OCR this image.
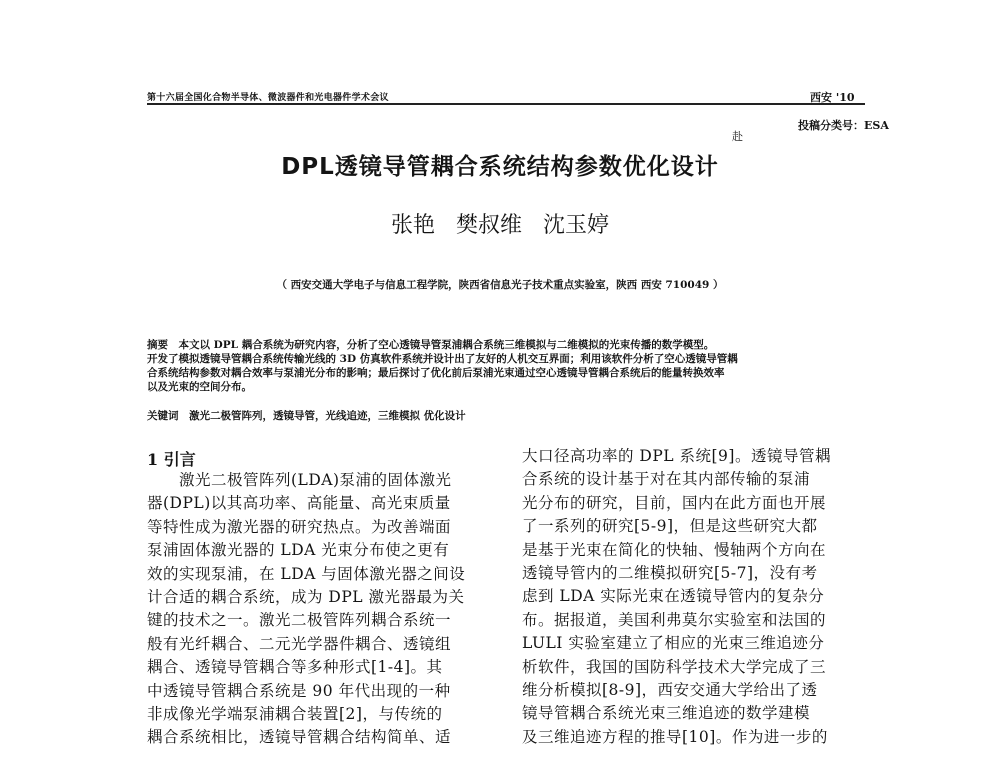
第十六届全国化合物半导体、微波器件和光电器件学术会议	西安 '10
投稿分类号：ESA
赴
DPL透镜导管耦合系统结构参数优化设计
张艳 樊叔维 沈玉婷
（ 西安交通大学电子与信息工程学院，陕西省信息光子技术重点实验室，陕西 西安 710049 ）
摘要　本文以 DPL 耦合系统为研究内容，分析了空心透镜导管泵浦耦合系统三维模拟与二维模拟的光束传播的数学模型。
开发了模拟透镜导管耦合系统传输光线的 3D 仿真软件系统并设计出了友好的人机交互界面；利用该软件分析了空心透镜导管耦
合系统结构参数对耦合效率与泵浦光分布的影响；最后探讨了优化前后泵浦光束通过空心透镜导管耦合系统后的能量转换效率
以及光束的空间分布。
关键词　激光二极管阵列，透镜导管，光线追迹，三维模拟 优化设计
1 引言
　　激光二极管阵列(LDA)泵浦的固体激光
器(DPL)以其高功率、高能量、高光束质量
等特性成为激光器的研究热点。为改善端面
泵浦固体激光器的 LDA 光束分布使之更有
效的实现泵浦，在 LDA 与固体激光器之间设
计合适的耦合系统，成为 DPL 激光器最为关
键的技术之一。激光二极管阵列耦合系统一
般有光纤耦合、二元光学器件耦合、透镜组
耦合、透镜导管耦合等多种形式[1-4]。其
中透镜导管耦合系统是 90 年代出现的一种
非成像光学端泵浦耦合装置[2]，与传统的
耦合系统相比，透镜导管耦合结构简单、适
大口径高功率的 DPL 系统[9]。透镜导管耦
合系统的设计基于对在其内部传输的泵浦
光分布的研究，目前，国内在此方面也开展
了一系列的研究[5-9]，但是这些研究大都
是基于光束在简化的快轴、慢轴两个方向在
透镜导管内的二维模拟研究[5-7]，没有考
虑到 LDA 实际光束在透镜导管内的复杂分
布。据报道，美国利弗莫尔实验室和法国的
LULI 实验室建立了相应的光束三维追迹分
析软件，我国的国防科学技术大学完成了三
维分析模拟[8-9]，西安交通大学给出了透
镜导管耦合系统光束三维追迹的数学建模
及三维追迹方程的推导[10]。作为进一步的
